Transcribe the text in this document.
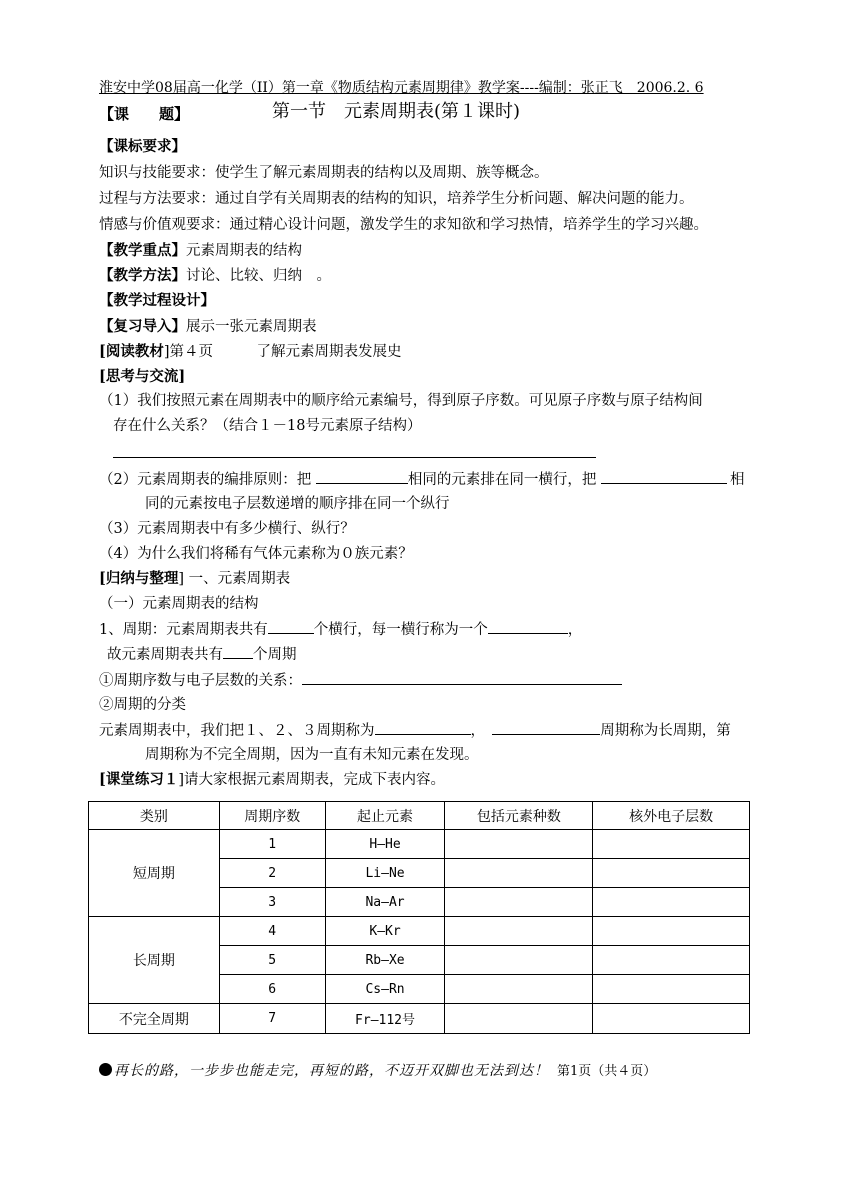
淮安中学08届高一化学（II）第一章《物质结构元素周期律》教学案----编制：张正飞　2006.2. 6
【课　　题】	第一节　元素周期表(第１课时)
【课标要求】
知识与技能要求：使学生了解元素周期表的结构以及周期、族等概念。
过程与方法要求：通过自学有关周期表的结构的知识，培养学生分析问题、解决问题的能力。
情感与价值观要求：通过精心设计问题，激发学生的求知欲和学习热情，培养学生的学习兴趣。
【教学重点】元素周期表的结构
【教学方法】讨论、比较、归纳　。
【教学过程设计】
【复习导入】展示一张元素周期表
[阅读教材]第４页　　　了解元素周期表发展史
[思考与交流]
（1）我们按照元素在周期表中的顺序给元素编号，得到原子序数。可见原子序数与原子结构间
存在什么关系？（结合１－18号元素原子结构）
（2）元素周期表的编排原则：把	相同的元素排在同一横行，把	相
同的元素按电子层数递增的顺序排在同一个纵行
（3）元素周期表中有多少横行、纵行？
（4）为什么我们将稀有气体元素称为０族元素？
[归纳与整理] 一、元素周期表
（一）元素周期表的结构
1、周期：元素周期表共有	个横行，每一横行称为一个	，
故元素周期表共有 个周期
①周期序数与电子层数的关系：
②周期的分类
元素周期表中，我们把１、２、３周期称为	，　	周期称为长周期，第
周期称为不完全周期，因为一直有未知元素在发现。
[课堂练习１]请大家根据元素周期表，完成下表内容。
类别	周期序数	起止元素	包括元素种数	核外电子层数
短周期	1	H—He		
	2	Li—Ne		
	3	Na—Ar		
长周期	4	K—Kr		
	5	Rb—Xe		
	6	Cs—Rn		
不完全周期	7	Fr—112号		
再长的路，一步步也能走完，再短的路，不迈开双脚也无法到达！ 第1页（共４页）
